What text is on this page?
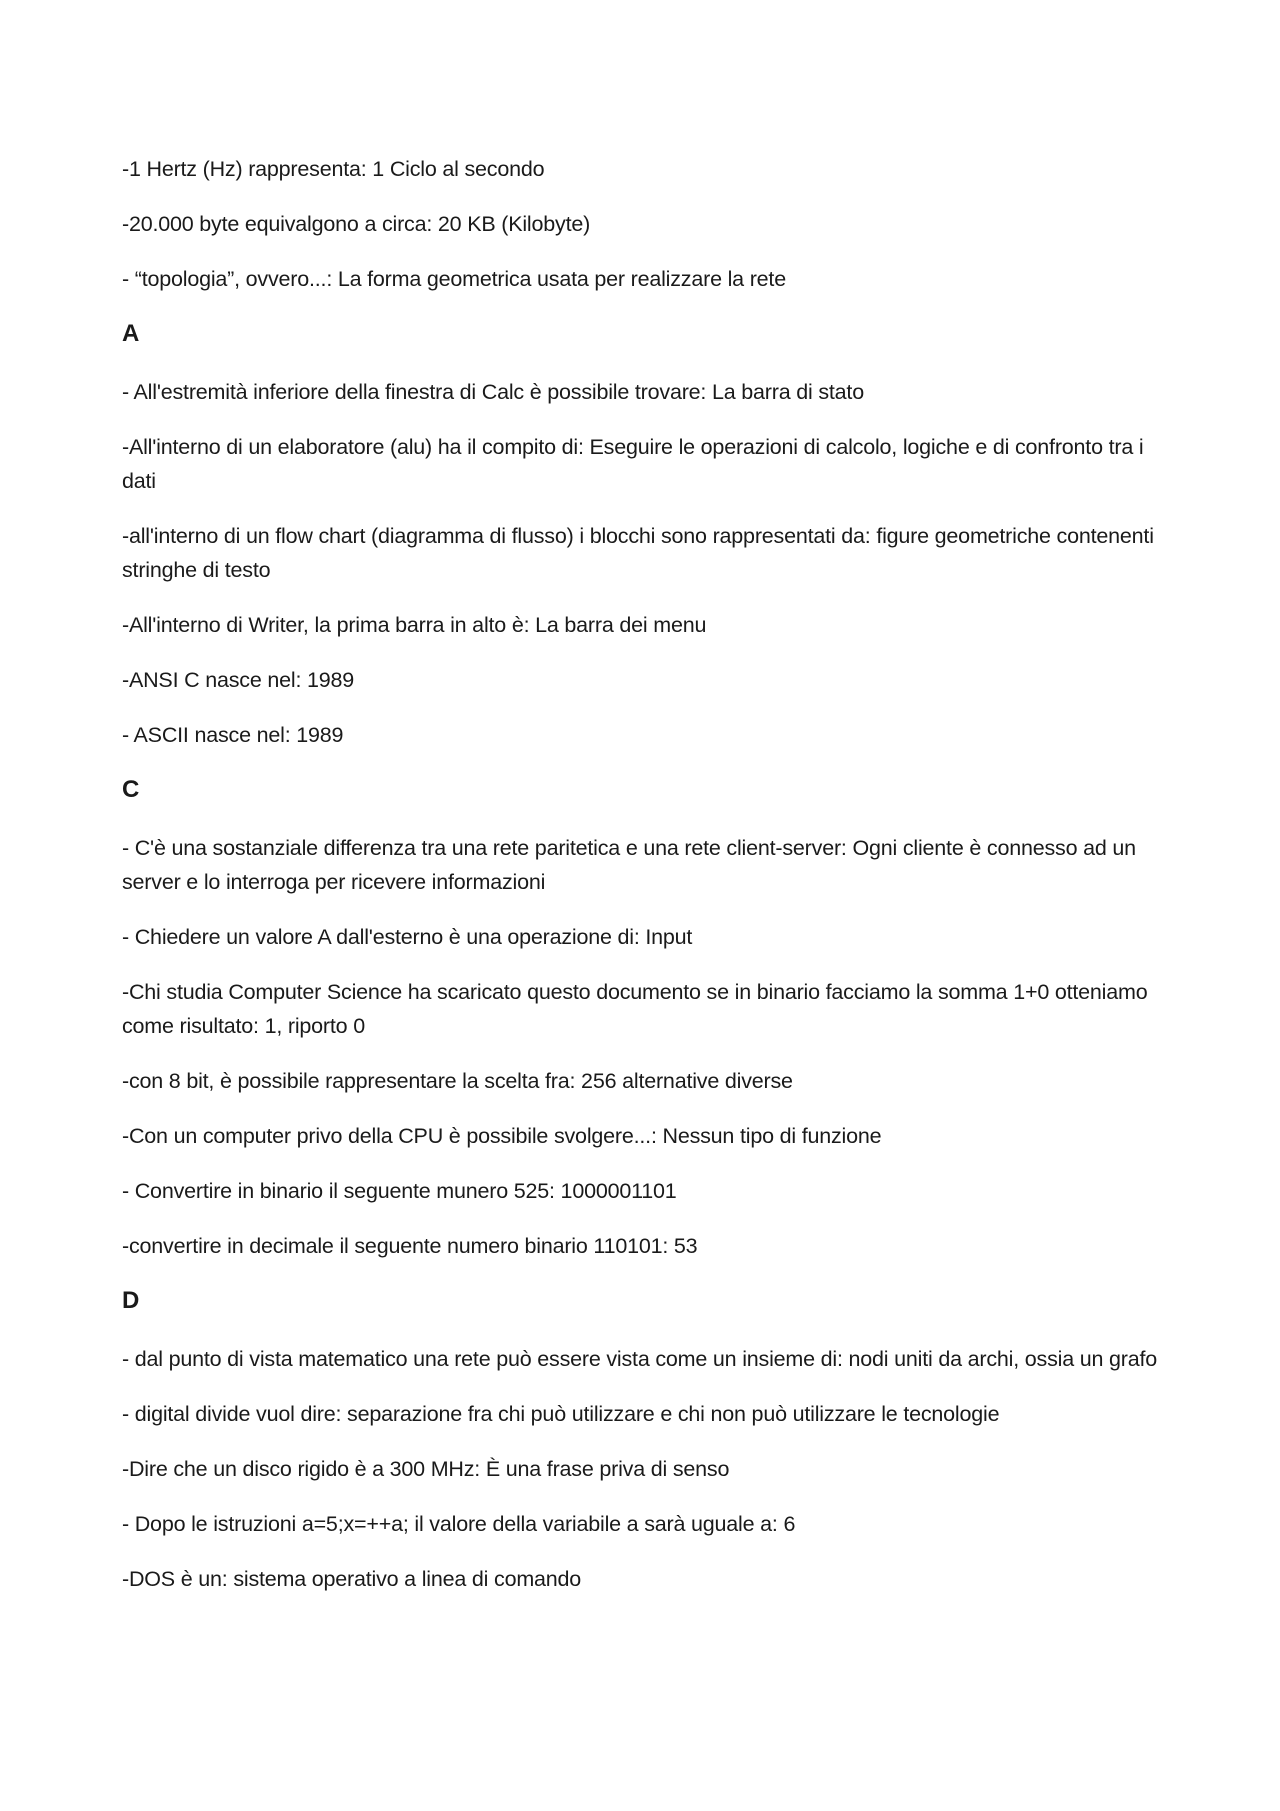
-1 Hertz (Hz) rappresenta: 1 Ciclo al secondo

-20.000 byte equivalgono a circa: 20 KB (Kilobyte)

- “topologia”, ovvero...: La forma geometrica usata per realizzare la rete

A

- All'estremità inferiore della finestra di Calc è possibile trovare: La barra di stato

-All'interno di un elaboratore (alu) ha il compito di: Eseguire le operazioni di calcolo, logiche e di confronto tra i dati

-all'interno di un flow chart (diagramma di flusso) i blocchi sono rappresentati da: figure geometriche contenenti stringhe di testo

-All'interno di Writer, la prima barra in alto è: La barra dei menu

-ANSI C nasce nel: 1989

- ASCII nasce nel: 1989

C

- C'è una sostanziale differenza tra una rete paritetica e una rete client-server: Ogni cliente è connesso ad un server e lo interroga per ricevere informazioni

- Chiedere un valore A dall'esterno è una operazione di: Input

-Chi studia Computer Science ha scaricato questo documento se in binario facciamo la somma 1+0 otteniamo come risultato: 1, riporto 0

-con 8 bit, è possibile rappresentare la scelta fra: 256 alternative diverse

-Con un computer privo della CPU è possibile svolgere...: Nessun tipo di funzione

- Convertire in binario il seguente munero 525: 1000001101

-convertire in decimale il seguente numero binario 110101: 53

D

- dal punto di vista matematico una rete può essere vista come un insieme di: nodi uniti da archi, ossia un grafo

- digital divide vuol dire: separazione fra chi può utilizzare e chi non può utilizzare le tecnologie

-Dire che un disco rigido è a 300 MHz: È una frase priva di senso

- Dopo le istruzioni a=5;x=++a; il valore della variabile a sarà uguale a: 6

-DOS è un: sistema operativo a linea di comando
